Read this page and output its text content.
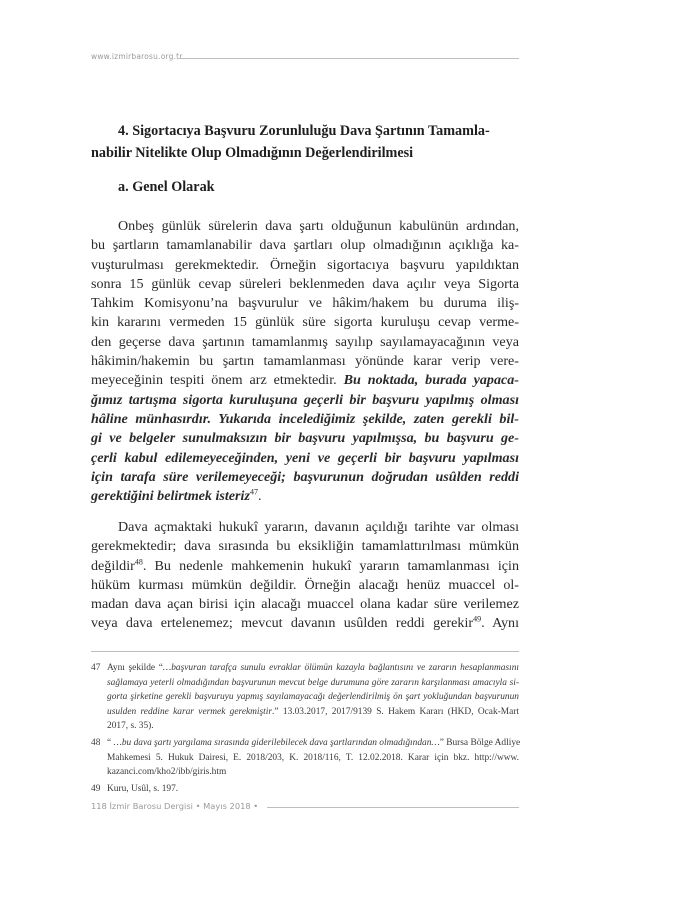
www.izmirbarosu.org.tr
4. Sigortacıya Başvuru Zorunluluğu Dava Şartının Tamamla-
nabilir Nitelikte Olup Olmadığının Değerlendirilmesi
a. Genel Olarak
Onbeş günlük sürelerin dava şartı olduğunun kabulünün ardından,
bu şartların tamamlanabilir dava şartları olup olmadığının açıklığa ka-
vuşturulması gerekmektedir. Örneğin sigortacıya başvuru yapıldıktan
sonra 15 günlük cevap süreleri beklenmeden dava açılır veya Sigorta
Tahkim Komisyonu’na başvurulur ve hâkim/hakem bu duruma iliş-
kin kararını vermeden 15 günlük süre sigorta kuruluşu cevap verme-
den geçerse dava şartının tamamlanmış sayılıp sayılamayacağının veya
hâkimin/hakemin bu şartın tamamlanması yönünde karar verip vere-
meyeceğinin tespiti önem arz etmektedir. Bu noktada, burada yapaca-
ğımız tartışma sigorta kuruluşuna geçerli bir başvuru yapılmış olması
hâline münhasırdır. Yukarıda incelediğimiz şekilde, zaten gerekli bil-
gi ve belgeler sunulmaksızın bir başvuru yapılmışsa, bu başvuru ge-
çerli kabul edilemeyeceğinden, yeni ve geçerli bir başvuru yapılması
için tarafa süre verilemeyeceği; başvurunun doğrudan usûlden reddi
gerektiğini belirtmek isteriz$^{47}$.
Dava açmaktaki hukukî yararın, davanın açıldığı tarihte var olması
gerekmektedir; dava sırasında bu eksikliğin tamamlattırılması mümkün
değildir$^{48}$. Bu nedenle mahkemenin hukukî yararın tamamlanması için
hüküm kurması mümkün değildir. Örneğin alacağı henüz muaccel ol-
madan dava açan birisi için alacağı muaccel olana kadar süre verilemez
veya dava ertelenemez; mevcut davanın usûlden reddi gerekir$^{49}$. Aynı
47 Aynı şekilde “…başvuran tarafça sunulu evraklar ölümün kazayla bağlantısını ve zararın hesaplanmasını
sağlamaya yeterli olmadığından başvurunun mevcut belge durumuna göre zararın karşılanması amacıyla si-
gorta şirketine gerekli başvuruyu yapmış sayılamayacağı değerlendirilmiş ön şart yokluğundan başvurunun
usulden reddine karar vermek gerekmiştir.” 13.03.2017, 2017/9139 S. Hakem Kararı (HKD, Ocak-Mart
2017, s. 35).
48 “ …bu dava şartı yargılama sırasında giderilebilecek dava şartlarından olmadığından…” Bursa Bölge Adliye
Mahkemesi 5. Hukuk Dairesi, E. 2018/203, K. 2018/116, T. 12.02.2018. Karar için bkz. http://www.
kazanci.com/kho2/ibb/giris.htm
49 Kuru, Usûl, s. 197.
118 İzmir Barosu Dergisi • Mayıs 2018 •
